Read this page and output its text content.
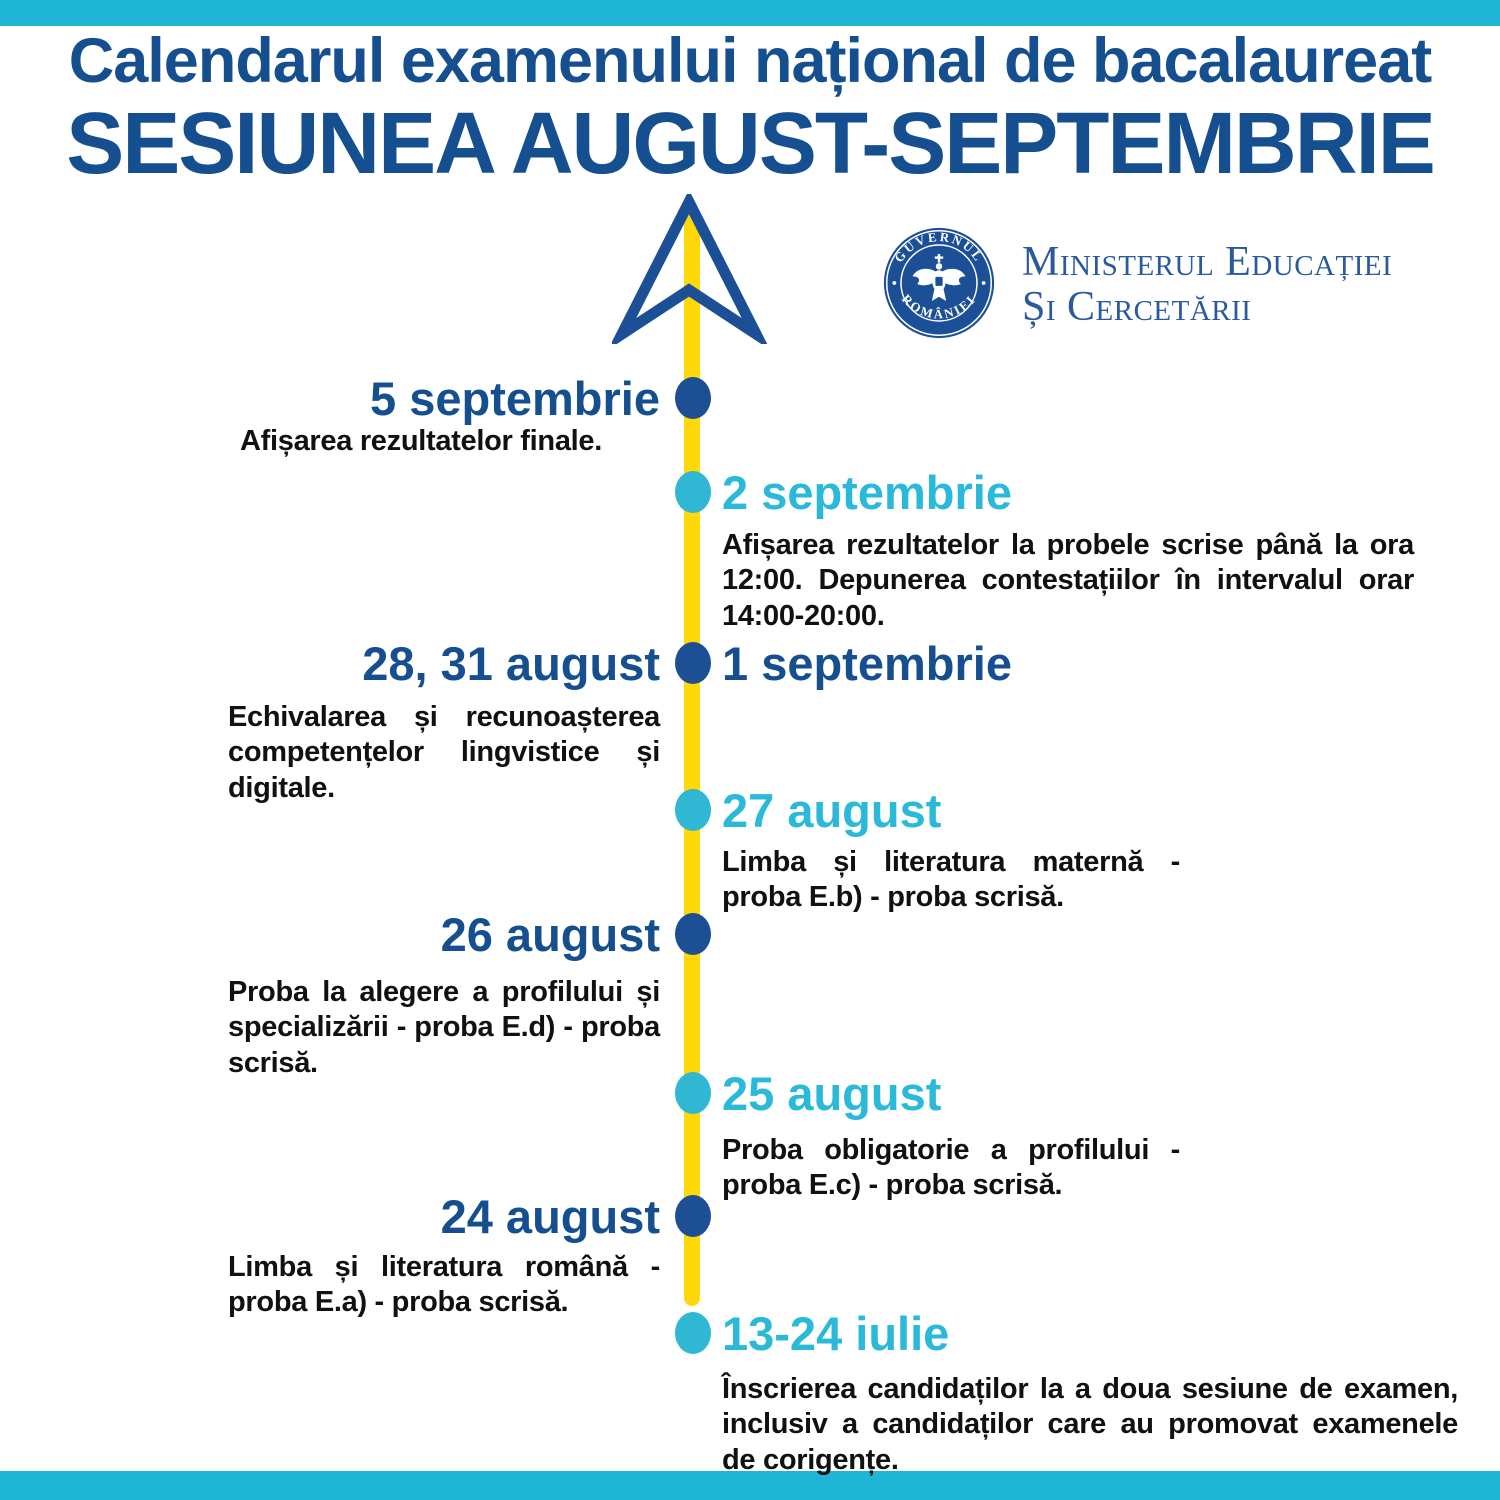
Calendarul examenului național de bacalaureat
SESIUNEA AUGUST-SEPTEMBRIE
GUVERNUL
ROMÂNIEI
Ministerul Educației
Și Cercetării
5 septembrie
Afișarea rezultatelor finale.
2 septembrie
Afișarea rezultatelor la probele scrise până la ora 12:00. Depunerea contestațiilor în intervalul orar 14:00-20:00.
28, 31 august
Echivalarea și recunoașterea competențelor lingvistice și digitale.
1 septembrie
27 august
Limba și literatura maternă - proba E.b) - proba scrisă.
26 august
Proba la alegere a profilului și specializării - proba E.d) - proba scrisă.
25 august
Proba obligatorie a profilului - proba E.c) - proba scrisă.
24 august
Limba și literatura română - proba E.a) - proba scrisă.
13-24 iulie
Înscrierea candidaților la a doua sesiune de examen, inclusiv a candidaților care au promovat examenele de corigențe.
